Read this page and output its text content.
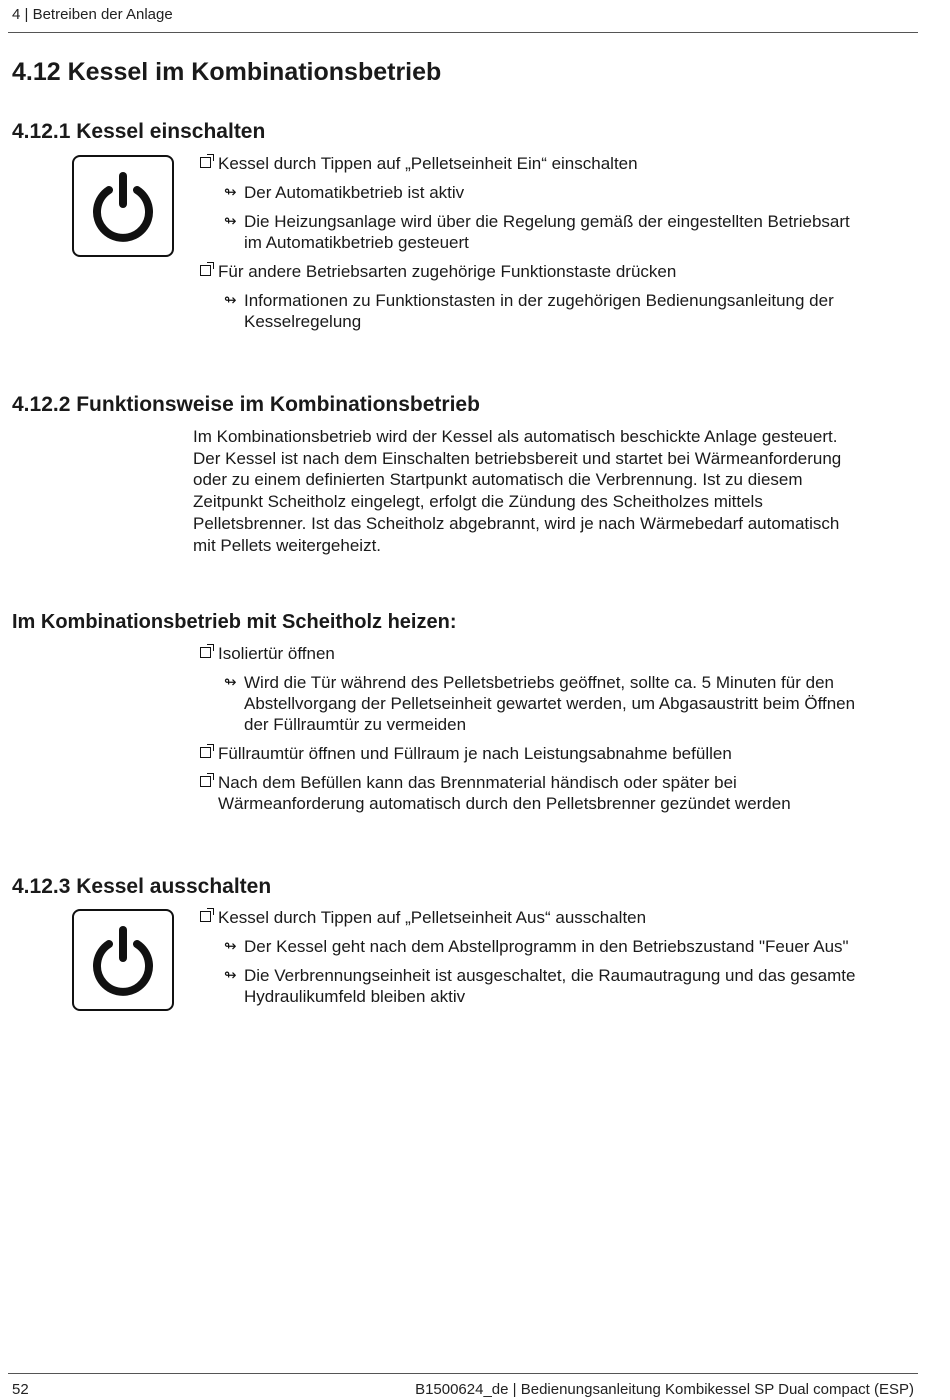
4 | Betreiben der Anlage
4.12 Kessel im Kombinationsbetrieb
4.12.1 Kessel einschalten
Kessel durch Tippen auf „Pelletseinheit Ein“ einschalten
↬ Der Automatikbetrieb ist aktiv
↬ Die Heizungsanlage wird über die Regelung gemäß der eingestellten Betriebsart
im Automatikbetrieb gesteuert
Für andere Betriebsarten zugehörige Funktionstaste drücken
↬ Informationen zu Funktionstasten in der zugehörigen Bedienungsanleitung der
Kesselregelung
4.12.2 Funktionsweise im Kombinationsbetrieb

Im Kombinationsbetrieb wird der Kessel als automatisch beschickte Anlage gesteuert.
Der Kessel ist nach dem Einschalten betriebsbereit und startet bei Wärmeanforderung
oder zu einem definierten Startpunkt automatisch die Verbrennung. Ist zu diesem
Zeitpunkt Scheitholz eingelegt, erfolgt die Zündung des Scheitholzes mittels
Pelletsbrenner. Ist das Scheitholz abgebrannt, wird je nach Wärmebedarf automatisch
mit Pellets weitergeheizt.

Im Kombinationsbetrieb mit Scheitholz heizen:
Isoliertür öffnen
↬ Wird die Tür während des Pelletsbetriebs geöffnet, sollte ca. 5 Minuten für den
Abstellvorgang der Pelletseinheit gewartet werden, um Abgasaustritt beim Öffnen
der Füllraumtür zu vermeiden
Füllraumtür öffnen und Füllraum je nach Leistungsabnahme befüllen
Nach dem Befüllen kann das Brennmaterial händisch oder später bei
Wärmeanforderung automatisch durch den Pelletsbrenner gezündet werden
4.12.3 Kessel ausschalten
Kessel durch Tippen auf „Pelletseinheit Aus“ ausschalten
↬ Der Kessel geht nach dem Abstellprogramm in den Betriebszustand "Feuer Aus"
↬ Die Verbrennungseinheit ist ausgeschaltet, die Raumautragung und das gesamte
Hydraulikumfeld bleiben aktiv
52	B1500624_de | Bedienungsanleitung Kombikessel SP Dual compact (ESP)
